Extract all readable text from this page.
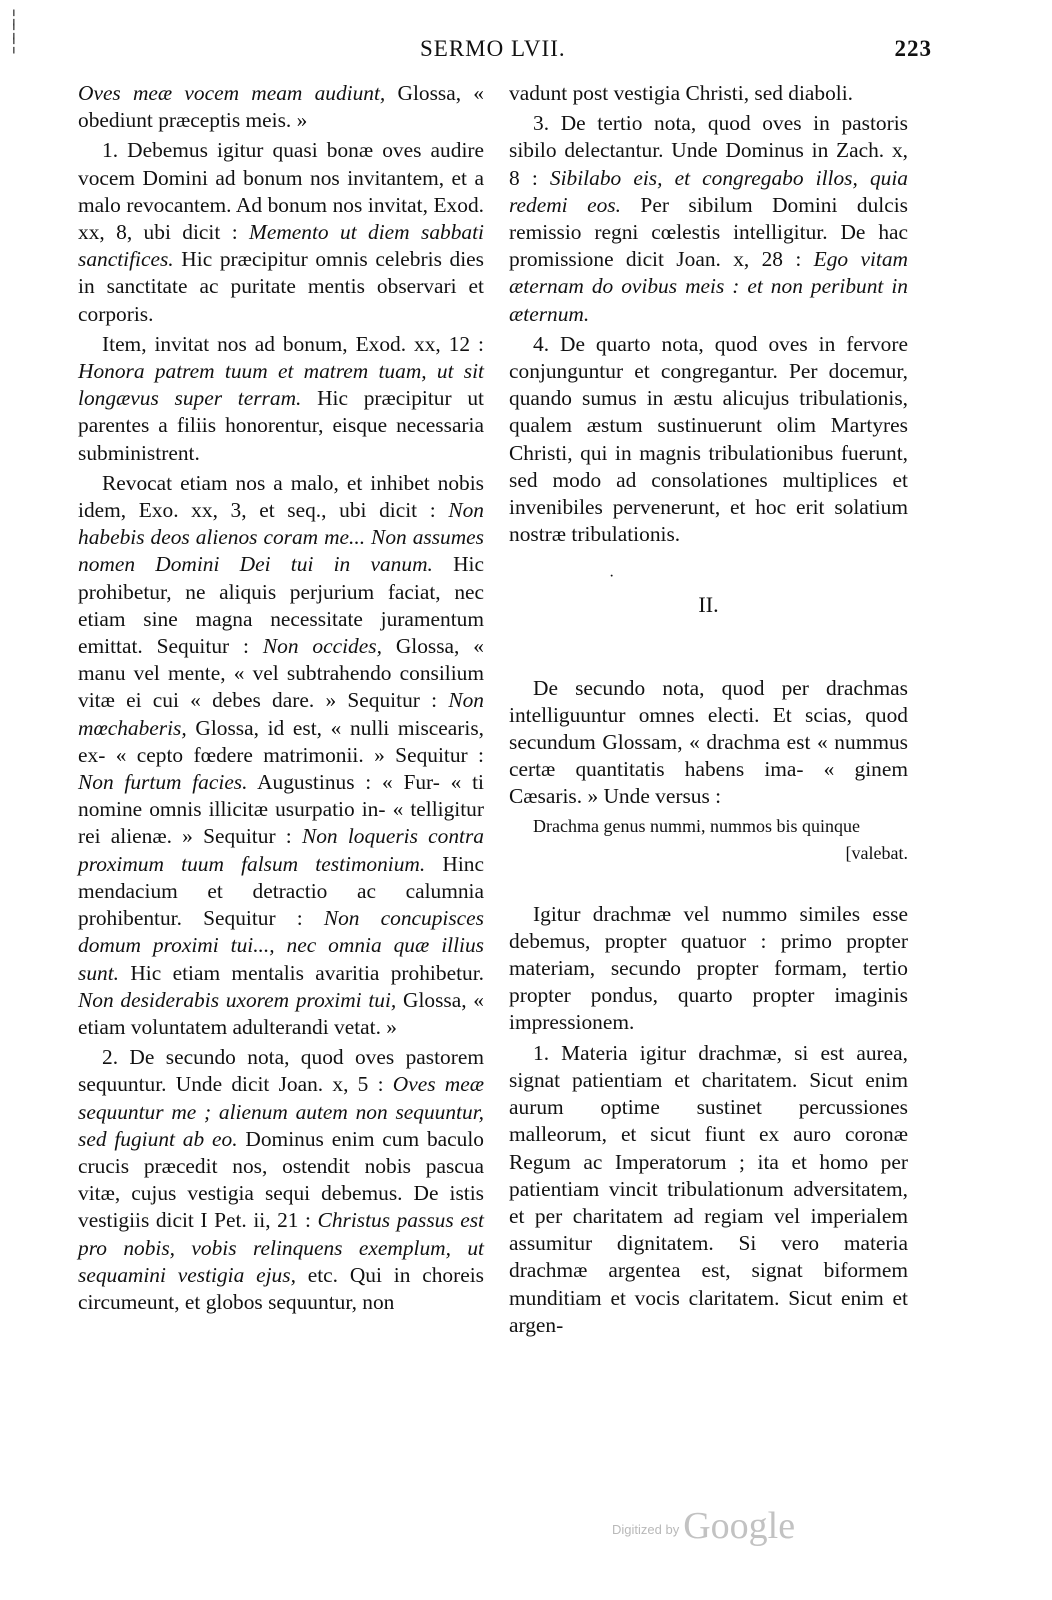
╎
╎
╎	SERMO LVII.	223

Oves meæ vocem meam audiunt, Glossa, « obediunt præceptis meis. »

1. Debemus igitur quasi bonæ oves audire vocem Domini ad bonum nos invitantem, et a malo revocantem. Ad bonum nos invitat, Exod. xx, 8, ubi dicit : Memento ut diem sabbati sanctifices. Hic præcipitur omnis celebris dies in sanctitate ac puritate mentis observari et corporis.

Item, invitat nos ad bonum, Exod. xx, 12 : Honora patrem tuum et matrem tuam, ut sit longævus super terram. Hic præcipitur ut parentes a filiis honorentur, eisque necessaria subministrent.

Revocat etiam nos a malo, et inhibet nobis idem, Exo. xx, 3, et seq., ubi dicit : Non habebis deos alienos coram me... Non assumes nomen Domini Dei tui in vanum. Hic prohibetur, ne aliquis perjurium faciat, nec etiam sine magna necessitate juramentum emittat. Sequitur : Non occides, Glossa, « manu vel mente, « vel subtrahendo consilium vitæ ei cui « debes dare. » Sequitur : Non mœchaberis, Glossa, id est, « nulli miscearis, ex- « cepto fœdere matrimonii. » Sequitur : Non furtum facies. Augustinus : « Fur- « ti nomine omnis illicitæ usurpatio in- « telligitur rei alienæ. » Sequitur : Non loqueris contra proximum tuum falsum testimonium. Hinc mendacium et detractio ac calumnia prohibentur. Sequitur : Non concupisces domum proximi tui..., nec omnia quæ illius sunt. Hic etiam mentalis avaritia prohibetur. Non desiderabis uxorem proximi tui, Glossa, « etiam voluntatem adulterandi vetat. »

2. De secundo nota, quod oves pastorem sequuntur. Unde dicit Joan. x, 5 : Oves meæ sequuntur me ; alienum autem non sequuntur, sed fugiunt ab eo. Dominus enim cum baculo crucis præcedit nos, ostendit nobis pascua vitæ, cujus vestigia sequi debemus. De istis vestigiis dicit I Pet. ii, 21 : Christus passus est pro nobis, vobis relinquens exemplum, ut sequamini vestigia ejus, etc. Qui in choreis circumeunt, et globos sequuntur, non

vadunt post vestigia Christi, sed diaboli.

3. De tertio nota, quod oves in pastoris sibilo delectantur. Unde Dominus in Zach. x, 8 : Sibilabo eis, et congregabo illos, quia redemi eos. Per sibilum Domini dulcis remissio regni cœlestis intelligitur. De hac promissione dicit Joan. x, 28 : Ego vitam æternam do ovibus meis : et non peribunt in æternum.

4. De quarto nota, quod oves in fervore conjunguntur et congregantur. Per docemur, quando sumus in æstu alicujus tribulationis, qualem æstum sustinuerunt olim Martyres Christi, qui in magnis tribulationibus fuerunt, sed modo ad consolationes multiplices et invenibiles pervenerunt, et hoc erit solatium nostræ tribulationis.

·
II.

De secundo nota, quod per drachmas intelliguuntur omnes electi. Et scias, quod secundum Glossam, « drachma est « nummus certæ quantitatis habens ima- « ginem Cæsaris. » Unde versus :

Drachma genus nummi, nummos bis quinque

[valebat.

Igitur drachmæ vel nummo similes esse debemus, propter quatuor : primo propter materiam, secundo propter formam, tertio propter pondus, quarto propter imaginis impressionem.

1. Materia igitur drachmæ, si est aurea, signat patientiam et charitatem. Sicut enim aurum optime sustinet percussiones malleorum, et sicut fiunt ex auro coronæ Regum ac Imperatorum ; ita et homo per patientiam vincit tribulationum adversitatem, et per charitatem ad regiam vel imperialem assumitur dignitatem. Si vero materia drachmæ argentea est, signat biformem munditiam et vocis claritatem. Sicut enim et argen-

$^{Digitized by}$ Google
